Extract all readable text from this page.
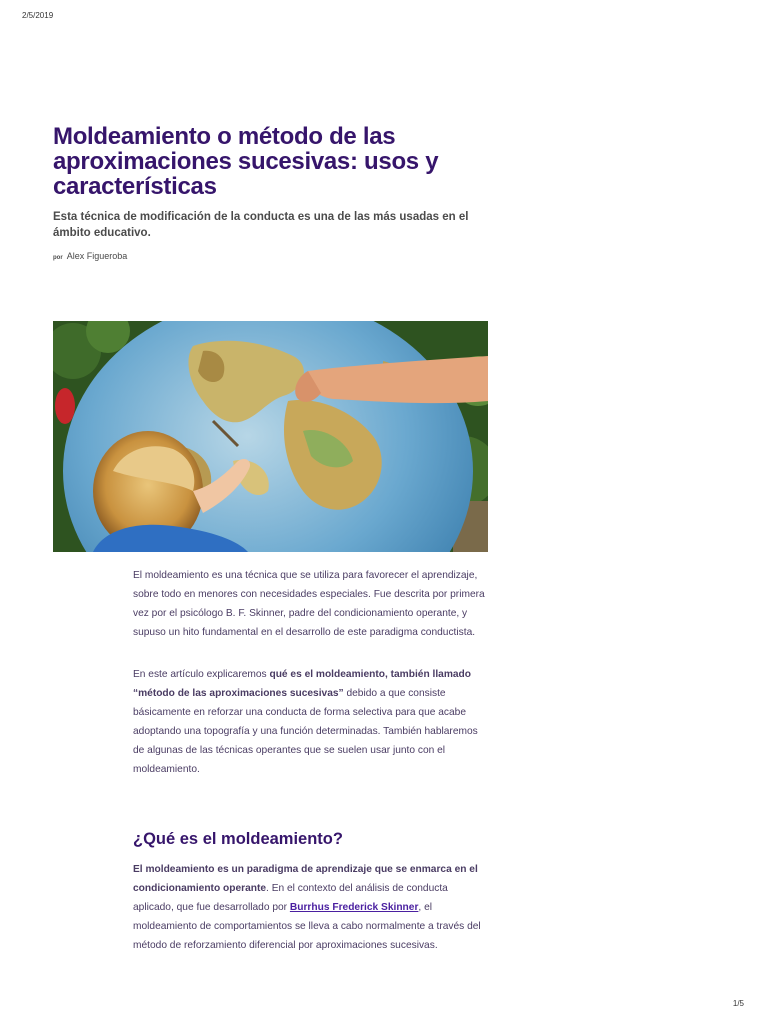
2/5/2019
Moldeamiento o método de las aproximaciones sucesivas: usos y características

Esta técnica de modificación de la conducta es una de las más usadas en el ámbito educativo.

por Alex Figueroba

El moldeamiento es una técnica que se utiliza para favorecer el aprendizaje, sobre todo en menores con necesidades especiales. Fue descrita por primera vez por el psicólogo B. F. Skinner, padre del condicionamiento operante, y supuso un hito fundamental en el desarrollo de este paradigma conductista.

En este artículo explicaremos qué es el moldeamiento, también llamado “método de las aproximaciones sucesivas” debido a que consiste básicamente en reforzar una conducta de forma selectiva para que acabe adoptando una topografía y una función determinadas. También hablaremos de algunas de las técnicas operantes que se suelen usar junto con el moldeamiento.

¿Qué es el moldeamiento?

El moldeamiento es un paradigma de aprendizaje que se enmarca en el condicionamiento operante. En el contexto del análisis de conducta aplicado, que fue desarrollado por Burrhus Frederick Skinner, el moldeamiento de comportamientos se lleva a cabo normalmente a través del método de reforzamiento diferencial por aproximaciones sucesivas.

1/5
